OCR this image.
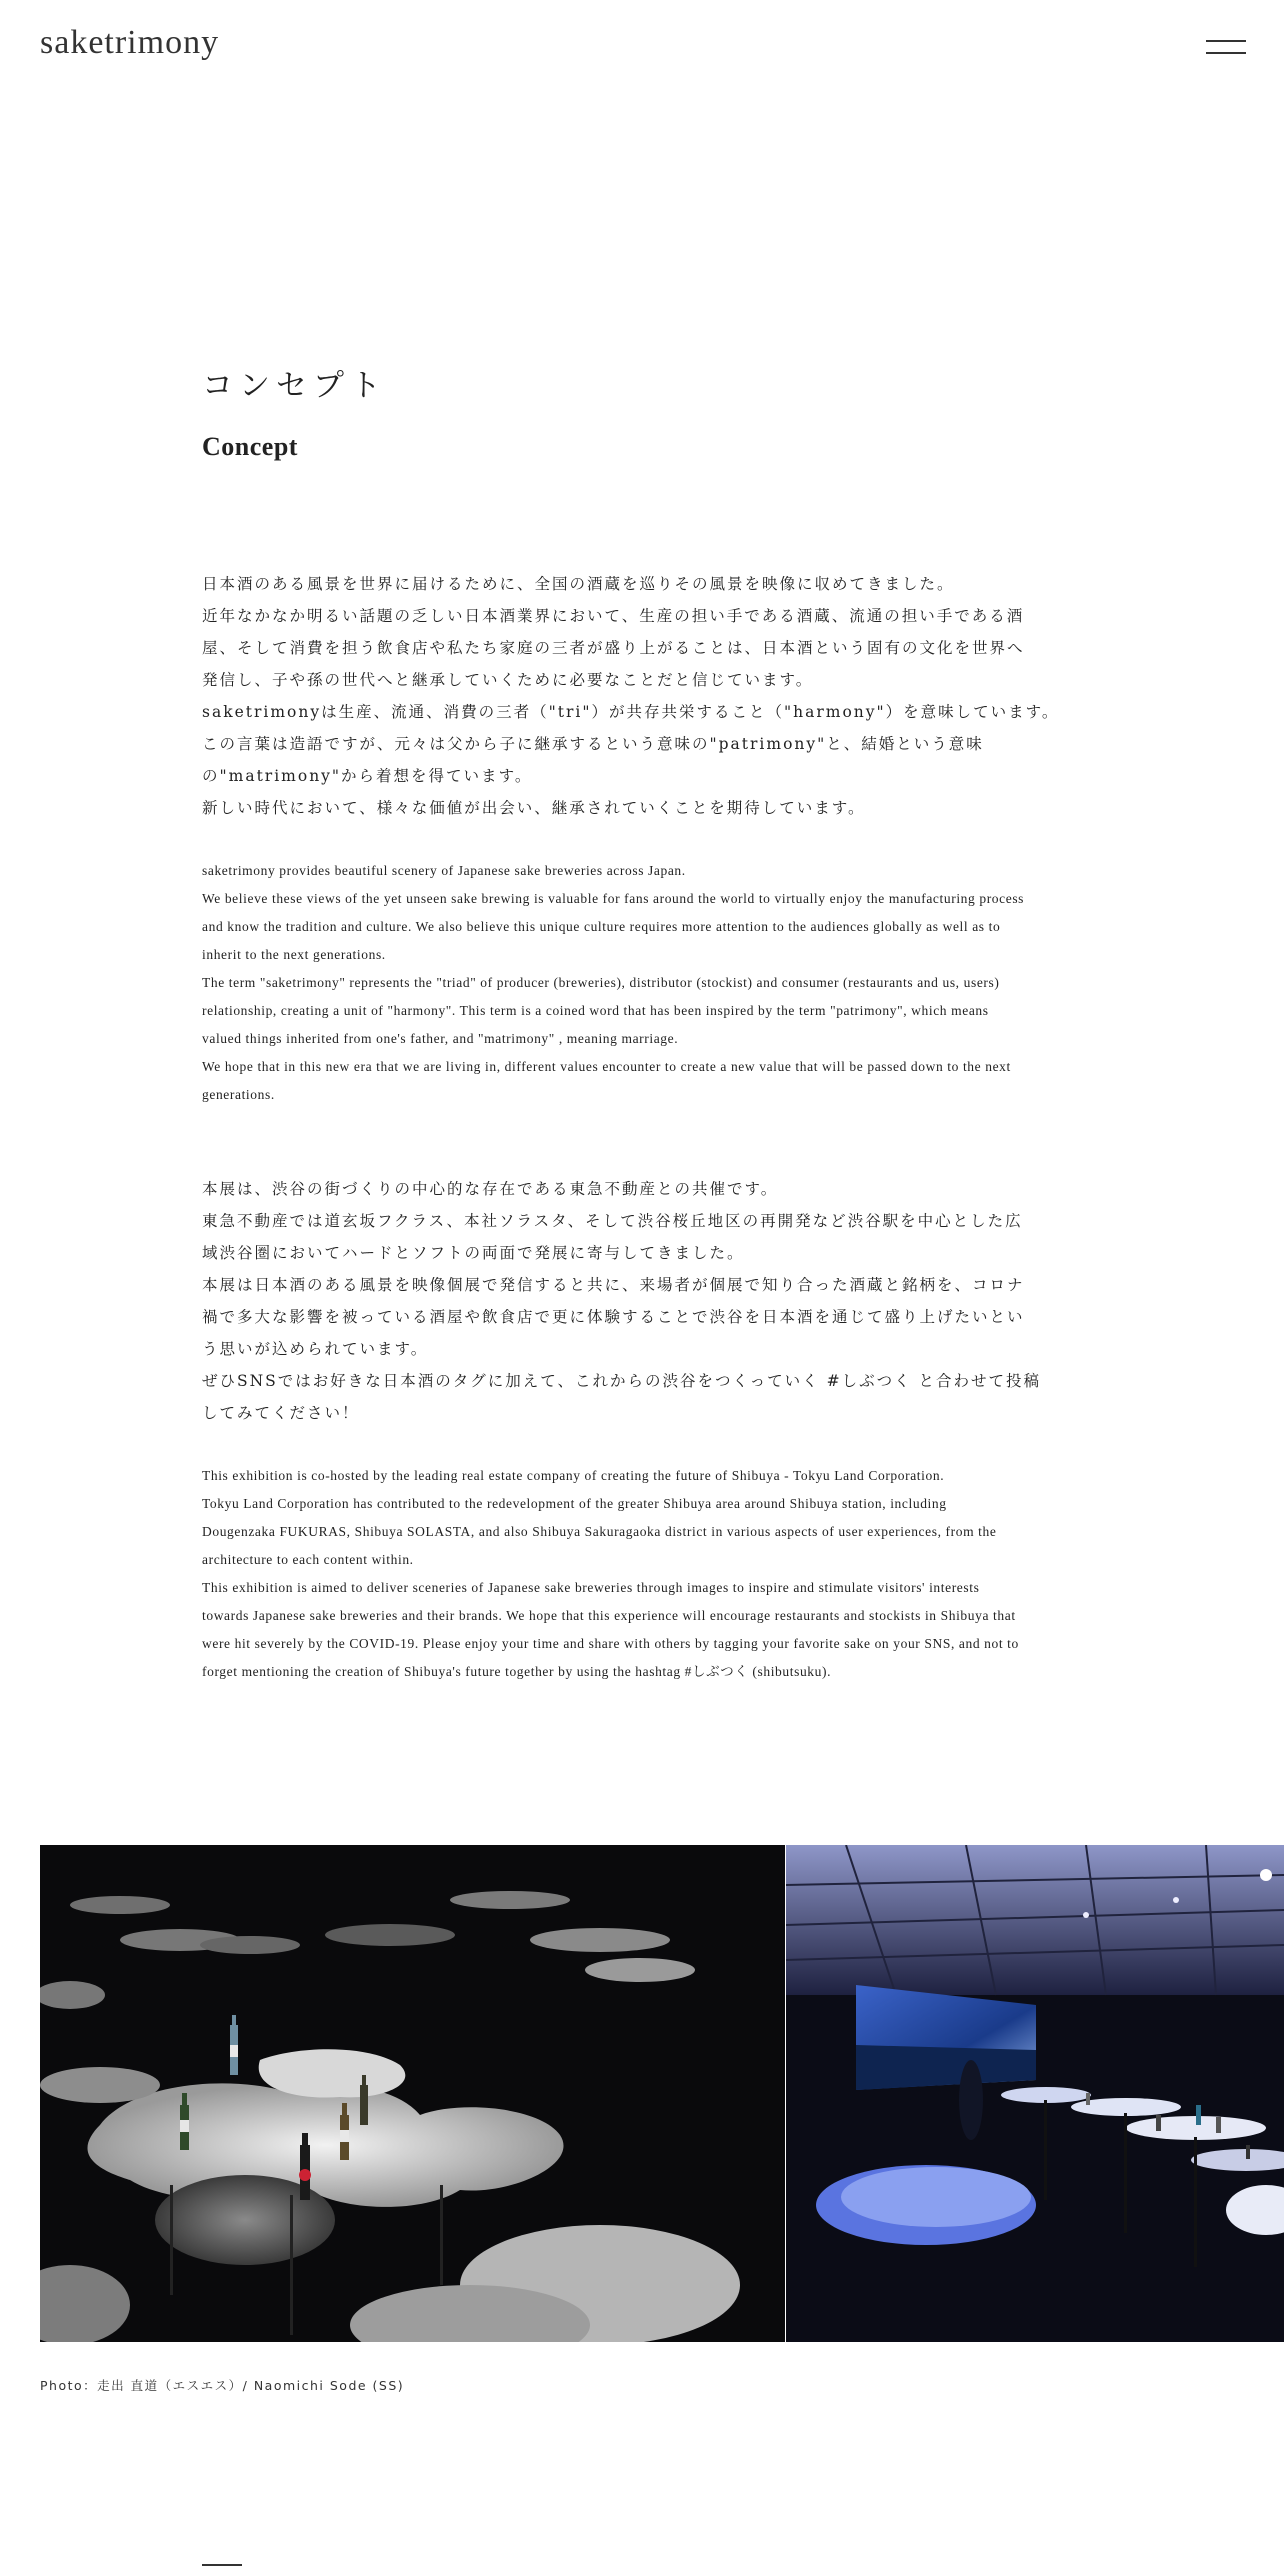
saketrimony
コンセプト
Concept

日本酒のある風景を世界に届けるために、全国の酒蔵を巡りその風景を映像に収めてきました。

近年なかなか明るい話題の乏しい日本酒業界において、生産の担い手である酒蔵、流通の担い手である酒

屋、そして消費を担う飲食店や私たち家庭の三者が盛り上がることは、日本酒という固有の文化を世界へ

発信し、子や孫の世代へと継承していくために必要なことだと信じています。

saketrimonyは生産、流通、消費の三者（"tri"）が共存共栄すること（"harmony"）を意味しています。

この言葉は造語ですが、元々は父から子に継承するという意味の"patrimony"と、結婚という意味

の"matrimony"から着想を得ています。

新しい時代において、様々な価値が出会い、継承されていくことを期待しています。

saketrimony provides beautiful scenery of Japanese sake breweries across Japan.

We believe these views of the yet unseen sake brewing is valuable for fans around the world to virtually enjoy the manufacturing process

and know the tradition and culture. We also believe this unique culture requires more attention to the audiences globally as well as to

inherit to the next generations.

The term "saketrimony" represents the "triad" of producer (breweries), distributor (stockist) and consumer (restaurants and us, users)

relationship, creating a unit of "harmony". This term is a coined word that has been inspired by the term "patrimony", which means

valued things inherited from one's father, and "matrimony" , meaning marriage.

We hope that in this new era that we are living in, different values encounter to create a new value that will be passed down to the next

generations.

本展は、渋谷の街づくりの中心的な存在である東急不動産との共催です。

東急不動産では道玄坂フクラス、本社ソラスタ、そして渋谷桜丘地区の再開発など渋谷駅を中心とした広

域渋谷圏においてハードとソフトの両面で発展に寄与してきました。

本展は日本酒のある風景を映像個展で発信すると共に、来場者が個展で知り合った酒蔵と銘柄を、コロナ

禍で多大な影響を被っている酒屋や飲食店で更に体験することで渋谷を日本酒を通じて盛り上げたいとい

う思いが込められています。

ぜひSNSではお好きな日本酒のタグに加えて、これからの渋谷をつくっていく #しぶつく と合わせて投稿

してみてください！

This exhibition is co-hosted by the leading real estate company of creating the future of Shibuya - Tokyu Land Corporation.

Tokyu Land Corporation has contributed to the redevelopment of the greater Shibuya area around Shibuya station, including

Dougenzaka FUKURAS, Shibuya SOLASTA, and also Shibuya Sakuragaoka district in various aspects of user experiences, from the

architecture to each content within.

This exhibition is aimed to deliver sceneries of Japanese sake breweries through images to inspire and stimulate visitors' interests

towards Japanese sake breweries and their brands. We hope that this experience will encourage restaurants and stockists in Shibuya that

were hit severely by the COVID-19. Please enjoy your time and share with others by tagging your favorite sake on your SNS, and not to

forget mentioning the creation of Shibuya's future together by using the hashtag #しぶつく (shibutsuku).

Photo：走出 直道（エスエス）/ Naomichi Sode (SS)
